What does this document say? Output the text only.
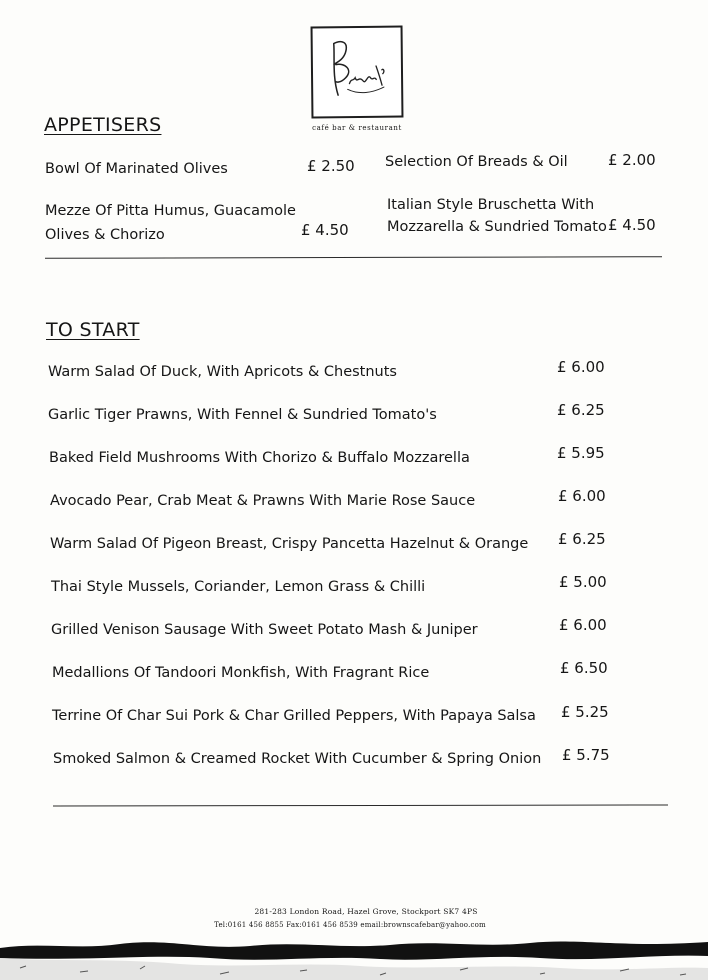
café bar & restaurant
APPETISERS
Bowl Of Marinated Olives	£ 2.50
Mezze Of Pitta Humus, Guacamole
Olives & Chorizo	£ 4.50
Selection Of Breads & Oil	£ 2.00
Italian Style Bruschetta With
Mozzarella & Sundried Tomato £ 4.50
TO START
Warm Salad Of Duck, With Apricots & Chestnuts	£ 6.00
Garlic Tiger Prawns, With Fennel & Sundried Tomato's	£ 6.25
Baked Field Mushrooms With Chorizo & Buffalo Mozzarella	£ 5.95
Avocado Pear, Crab Meat & Prawns With Marie Rose Sauce	£ 6.00
Warm Salad Of Pigeon Breast, Crispy Pancetta Hazelnut & Orange £ 6.25
Thai Style Mussels, Coriander, Lemon Grass & Chilli	£ 5.00
Grilled Venison Sausage With Sweet Potato Mash & Juniper	£ 6.00
Medallions Of Tandoori Monkfish, With Fragrant Rice	£ 6.50
Terrine Of Char Sui Pork & Char Grilled Peppers, With Papaya Salsa £ 5.25
Smoked Salmon & Creamed Rocket With Cucumber & Spring Onion £ 5.75
281-283 London Road, Hazel Grove, Stockport SK7 4PS
Tel:0161 456 8855 Fax:0161 456 8539 email:brownscafebar@yahoo.com
